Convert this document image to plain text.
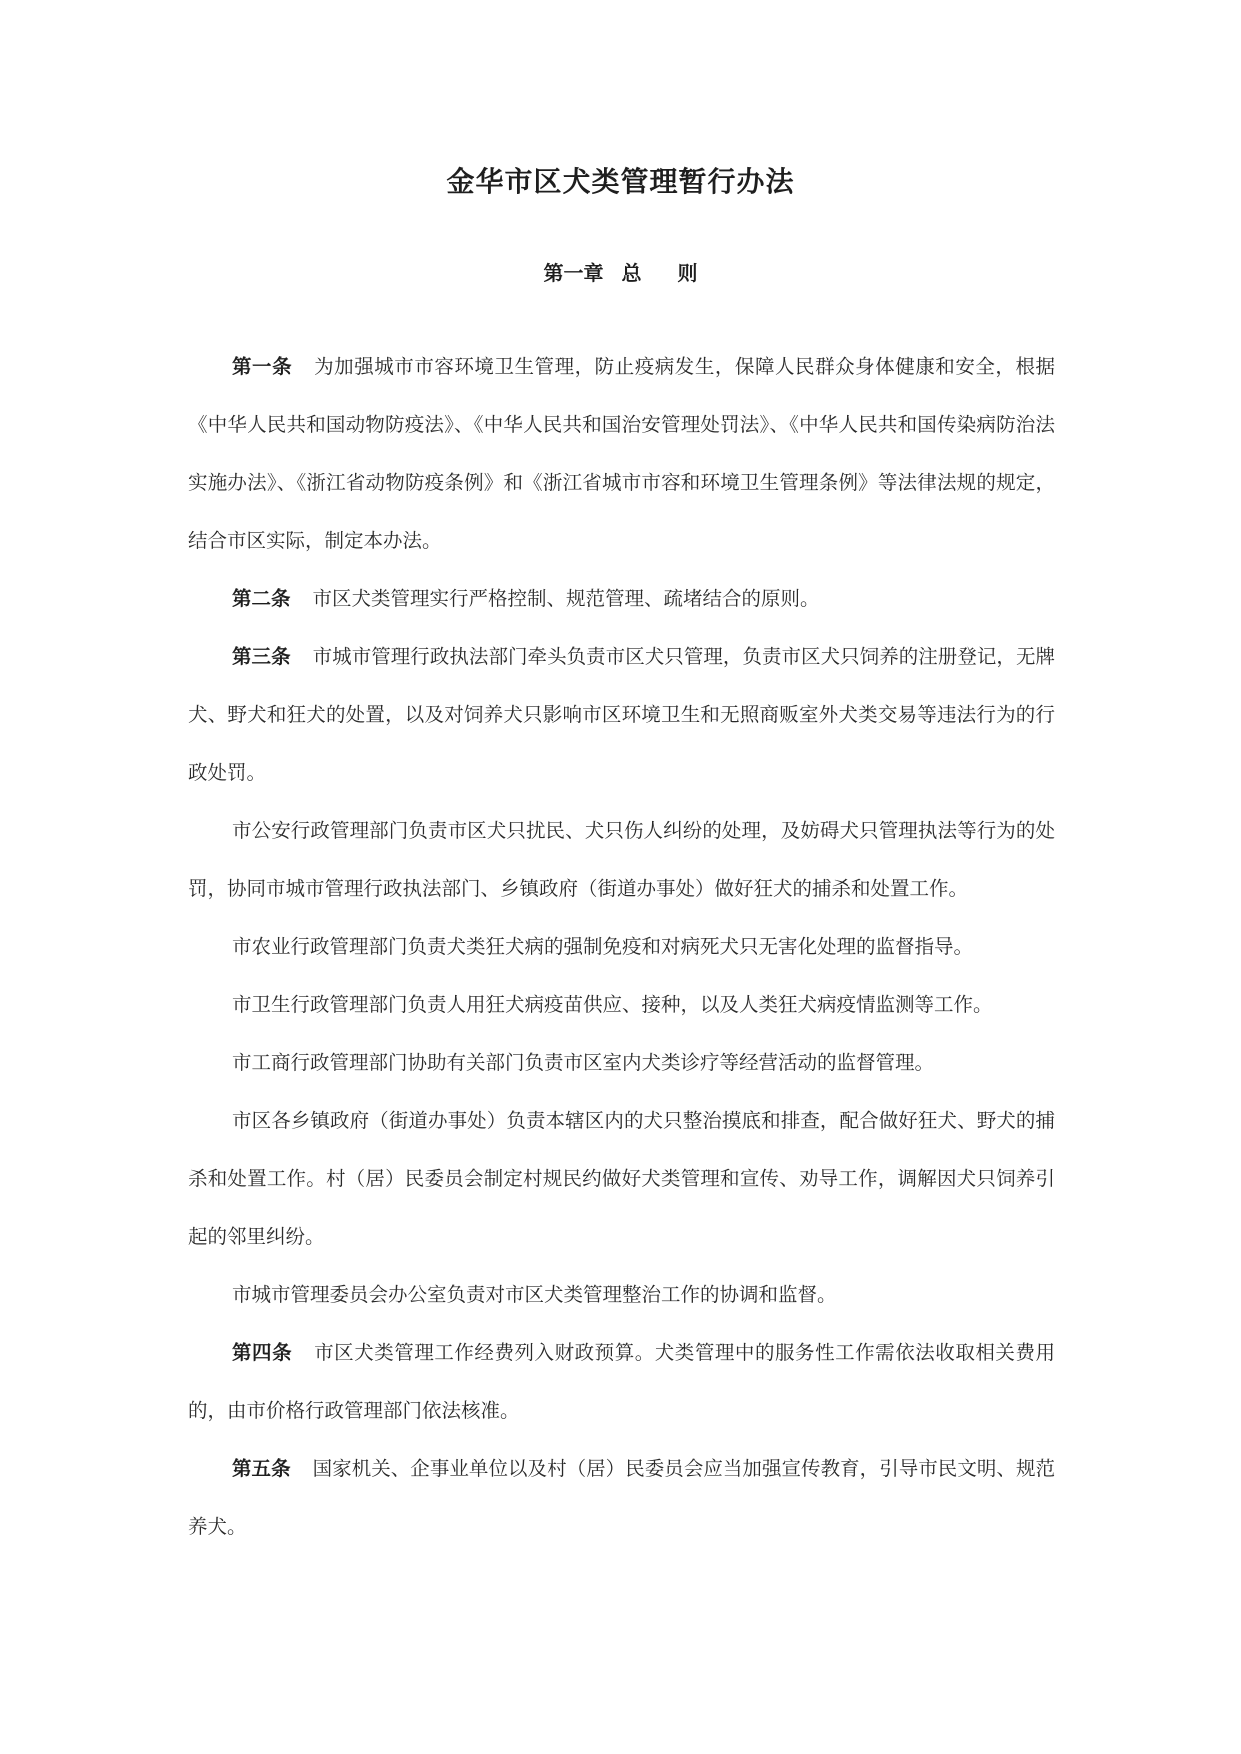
金华市区犬类管理暂行办法
第一章 总 则

第一条 为加强城市市容环境卫生管理，防止疫病发生，保障人民群众身体健康和安全，根据《中华人民共和国动物防疫法》、《中华人民共和国治安管理处罚法》、《中华人民共和国传染病防治法实施办法》、《浙江省动物防疫条例》和《浙江省城市市容和环境卫生管理条例》等法律法规的规定，结合市区实际，制定本办法。

第二条 市区犬类管理实行严格控制、规范管理、疏堵结合的原则。

第三条 市城市管理行政执法部门牵头负责市区犬只管理，负责市区犬只饲养的注册登记，无牌犬、野犬和狂犬的处置，以及对饲养犬只影响市区环境卫生和无照商贩室外犬类交易等违法行为的行政处罚。

市公安行政管理部门负责市区犬只扰民、犬只伤人纠纷的处理，及妨碍犬只管理执法等行为的处罚，协同市城市管理行政执法部门、乡镇政府（街道办事处）做好狂犬的捕杀和处置工作。

市农业行政管理部门负责犬类狂犬病的强制免疫和对病死犬只无害化处理的监督指导。

市卫生行政管理部门负责人用狂犬病疫苗供应、接种，以及人类狂犬病疫情监测等工作。

市工商行政管理部门协助有关部门负责市区室内犬类诊疗等经营活动的监督管理。

市区各乡镇政府（街道办事处）负责本辖区内的犬只整治摸底和排查，配合做好狂犬、野犬的捕杀和处置工作。村（居）民委员会制定村规民约做好犬类管理和宣传、劝导工作，调解因犬只饲养引起的邻里纠纷。

市城市管理委员会办公室负责对市区犬类管理整治工作的协调和监督。

第四条 市区犬类管理工作经费列入财政预算。犬类管理中的服务性工作需依法收取相关费用的，由市价格行政管理部门依法核准。

第五条 国家机关、企事业单位以及村（居）民委员会应当加强宣传教育，引导市民文明、规范养犬。
